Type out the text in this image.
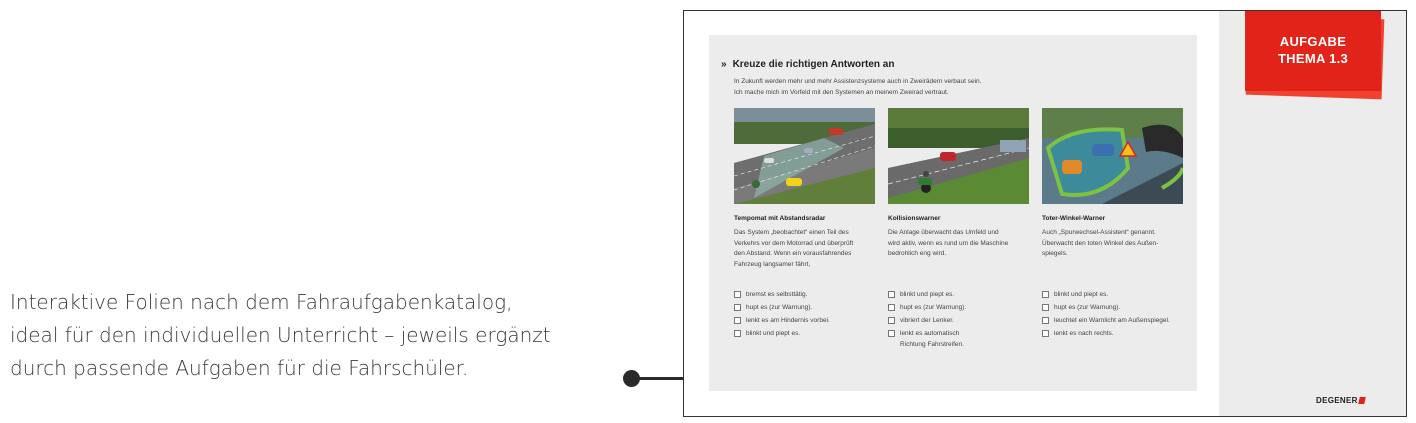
Interaktive Folien nach dem Fahraufgabenkatalog,
ideal für den individuellen Unterricht – jeweils ergänzt
durch passende Aufgaben für die Fahrschüler.
AUFGABE
THEMA 1.3
DEGENER
» Kreuze die richtigen Antworten an
In Zukunft werden mehr und mehr Assistenzsysteme auch in Zweirädern verbaut sein.
Ich mache mich im Vorfeld mit den Systemen an meinem Zweirad vertraut.
Tempomat mit Abstandsradar
Das System „beobachtet“ einen Teil des
Verkehrs vor dem Motorrad und überprüft
den Abstand. Wenn ein vorausfahrendes
Fahrzeug langsamer fährt,
bremst es selbsttätig.
hupt es (zur Warnung).
lenkt es am Hindernis vorbei.
blinkt und piept es.
Kollisionswarner
Die Anlage überwacht das Umfeld und
wird aktiv, wenn es rund um die Maschine
bedrohlich eng wird.
blinkt und piept es.
hupt es (zur Warnung).
vibriert der Lenker.
lenkt es automatisch
Richtung Fahrstreifen.
Toter-Winkel-Warner
Auch „Spurwechsel-Assistent“ genannt.
Überwacht den toten Winkel des Außen-
spiegels.
blinkt und piept es.
hupt es (zur Warnung).
leuchtet ein Warnlicht am Außenspiegel.
lenkt es nach rechts.
